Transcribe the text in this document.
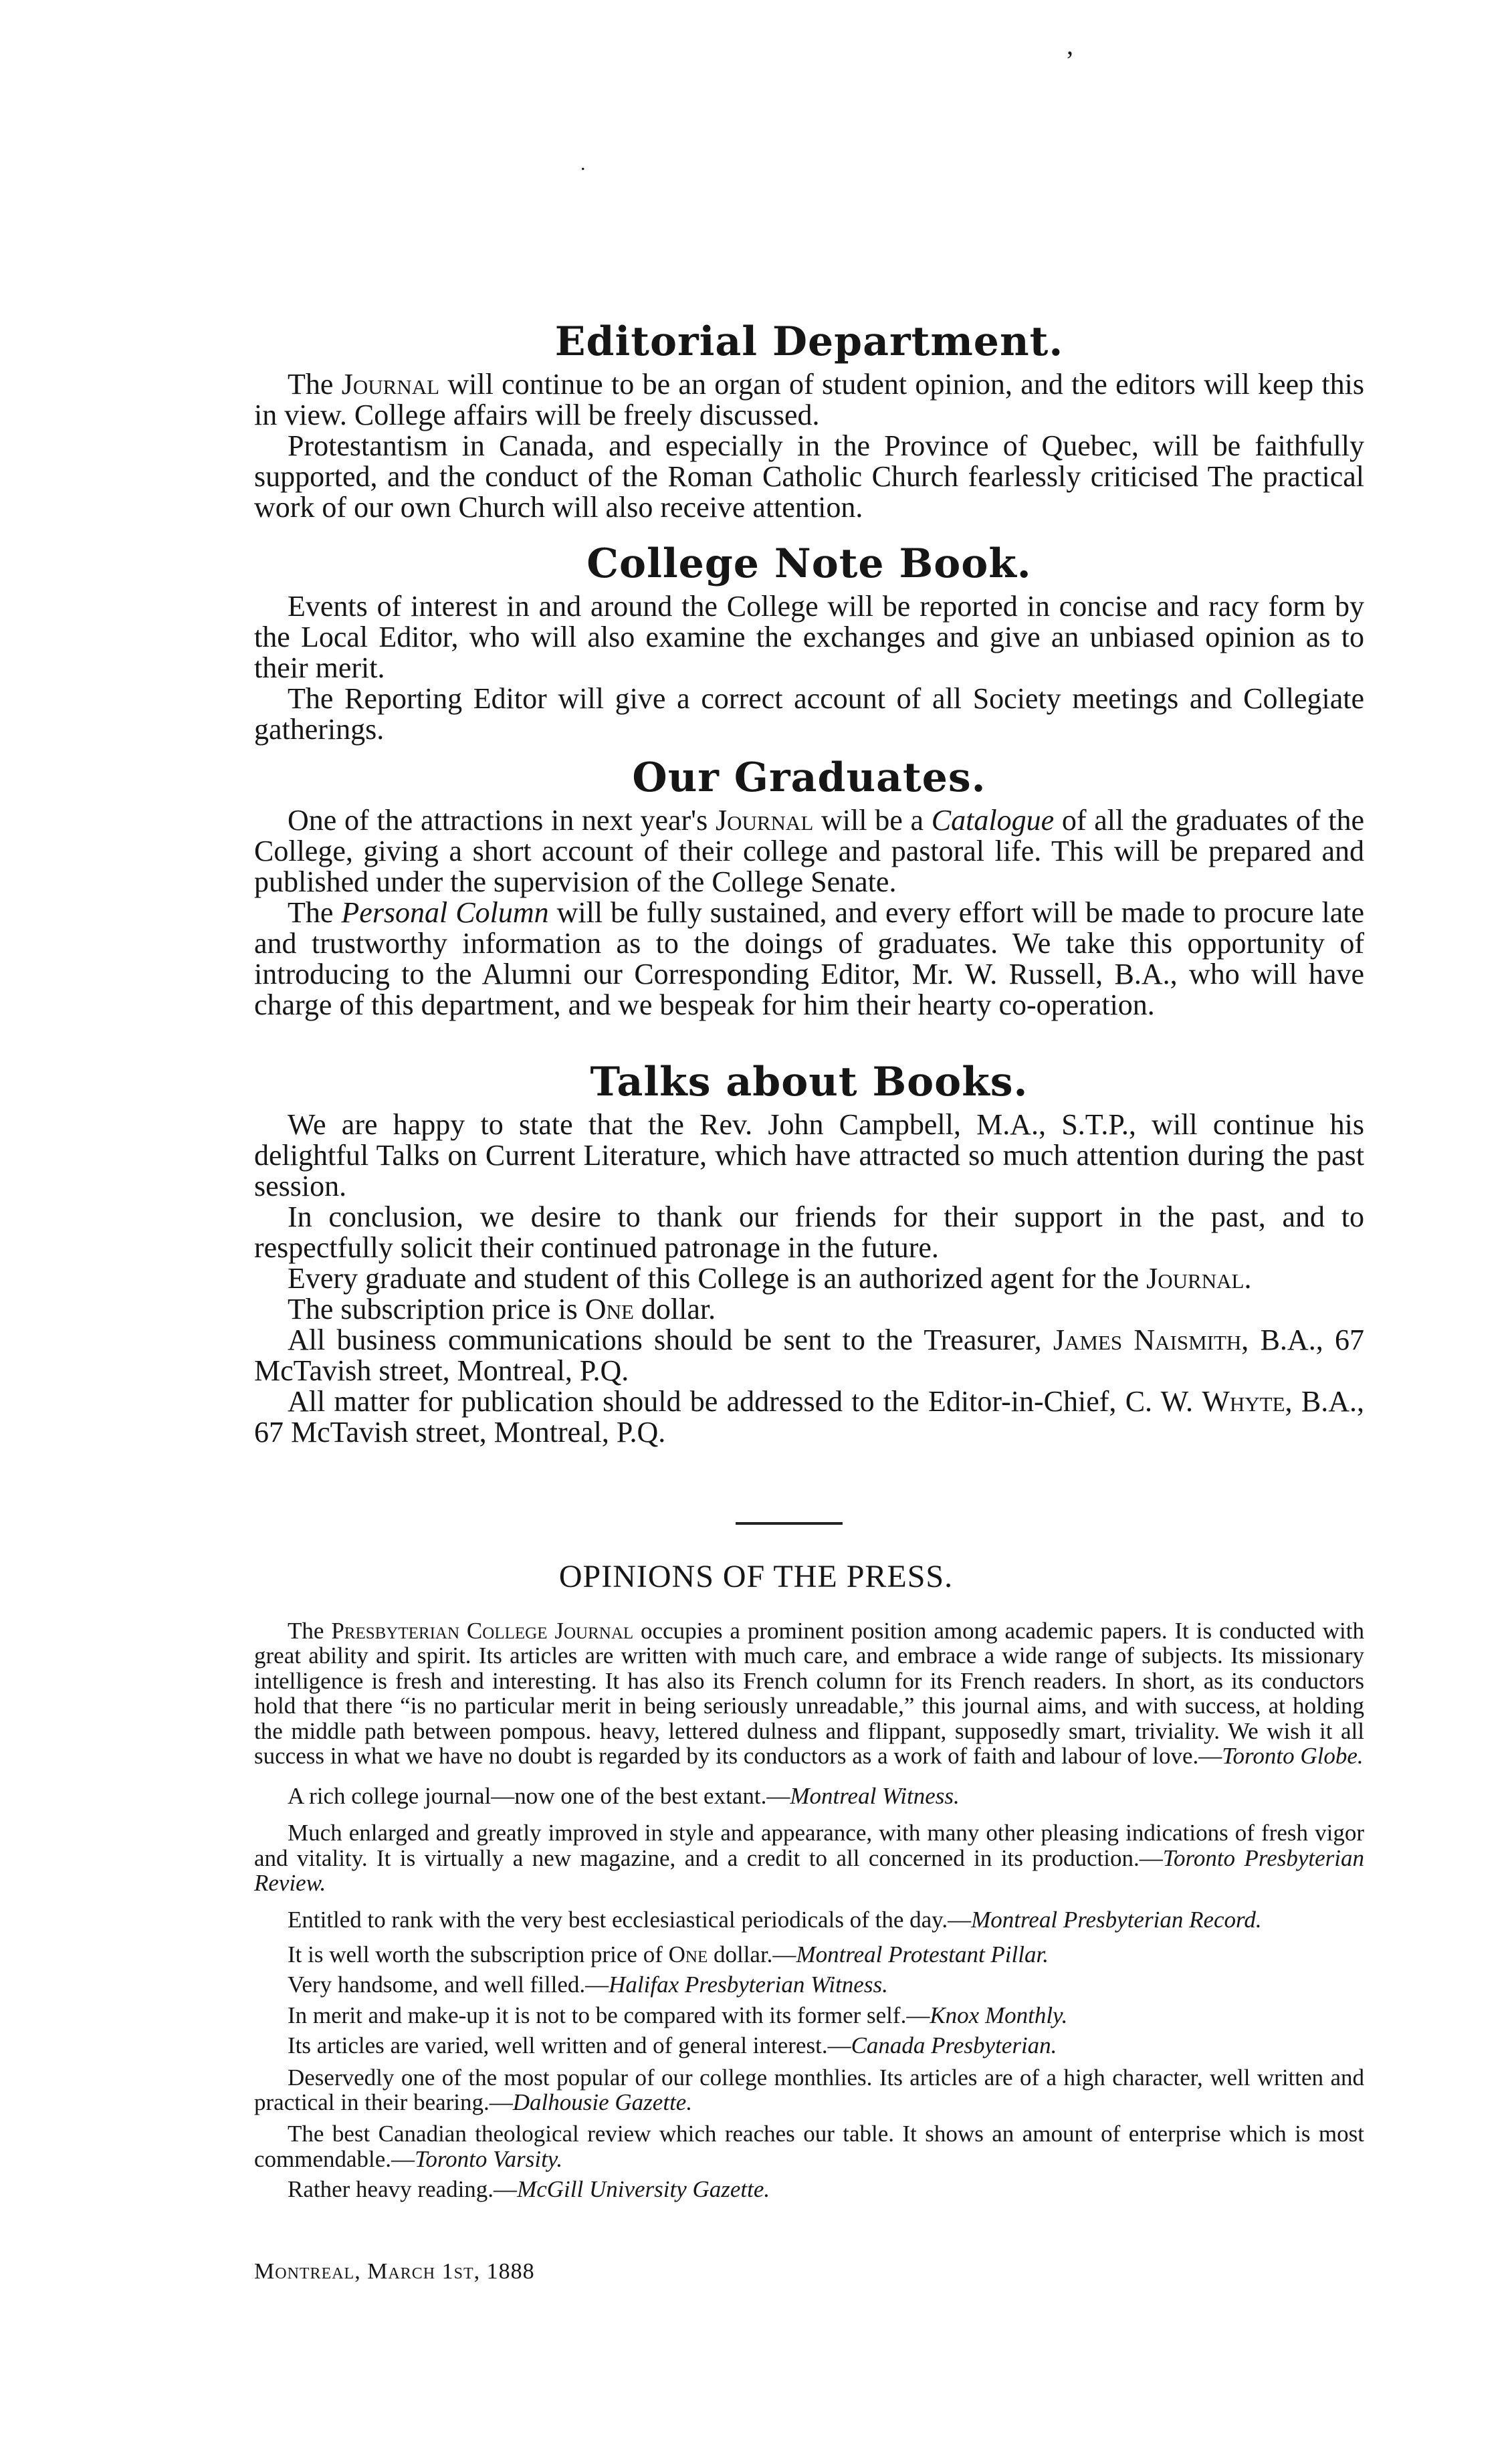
,
.
Editorial Department.

The Journal will continue to be an organ of student opinion, and the editors will keep this in view. College affairs will be freely discussed.

Protestantism in Canada, and especially in the Province of Quebec, will be faithfully supported, and the conduct of the Roman Catholic Church fearlessly criticised The practical work of our own Church will also receive attention.

College Note Book.

Events of interest in and around the College will be reported in concise and racy form by the Local Editor, who will also examine the exchanges and give an unbiased opinion as to their merit.

The Reporting Editor will give a correct account of all Society meetings and Collegiate gatherings.

Our Graduates.

One of the attractions in next year's Journal will be a Catalogue of all the graduates of the College, giving a short account of their college and pastoral life. This will be prepared and published under the supervision of the College Senate.

The Personal Column will be fully sustained, and every effort will be made to procure late and trustworthy information as to the doings of graduates. We take this opportunity of introducing to the Alumni our Corresponding Editor, Mr. W. Russell, B.A., who will have charge of this department, and we bespeak for him their hearty co-operation.

Talks about Books.

We are happy to state that the Rev. John Campbell, M.A., S.T.P., will continue his delightful Talks on Current Literature, which have attracted so much attention during the past session.

In conclusion, we desire to thank our friends for their support in the past, and to respectfully solicit their continued patronage in the future.

Every graduate and student of this College is an authorized agent for the Journal.

The subscription price is One dollar.

All business communications should be sent to the Treasurer, James Naismith, B.A., 67 McTavish street, Montreal, P.Q.

All matter for publication should be addressed to the Editor-in-Chief, C. W. Whyte, B.A., 67 McTavish street, Montreal, P.Q.

OPINIONS OF THE PRESS.

The Presbyterian College Journal occupies a prominent position among academic papers. It is conducted with great ability and spirit. Its articles are written with much care, and embrace a wide range of subjects. Its missionary intelligence is fresh and interesting. It has also its French column for its French readers. In short, as its conductors hold that there “is no particular merit in being seriously unreadable,” this journal aims, and with success, at holding the middle path between pompous. heavy, lettered dulness and flippant, supposedly smart, triviality. We wish it all success in what we have no doubt is regarded by its conductors as a work of faith and labour of love.—Toronto Globe.

A rich college journal—now one of the best extant.—Montreal Witness.

Much enlarged and greatly improved in style and appearance, with many other pleasing indications of fresh vigor and vitality. It is virtually a new magazine, and a credit to all concerned in its production.—Toronto Presbyterian Review.

Entitled to rank with the very best ecclesiastical periodicals of the day.—Montreal Presbyterian Record.

It is well worth the subscription price of One dollar.—Montreal Protestant Pillar.

Very handsome, and well filled.—Halifax Presbyterian Witness.

In merit and make-up it is not to be compared with its former self.—Knox Monthly.

Its articles are varied, well written and of general interest.—Canada Presbyterian.

Deservedly one of the most popular of our college monthlies. Its articles are of a high character, well written and practical in their bearing.—Dalhousie Gazette.

The best Canadian theological review which reaches our table. It shows an amount of enterprise which is most commendable.—Toronto Varsity.

Rather heavy reading.—McGill University Gazette.

Montreal, March 1st, 1888
